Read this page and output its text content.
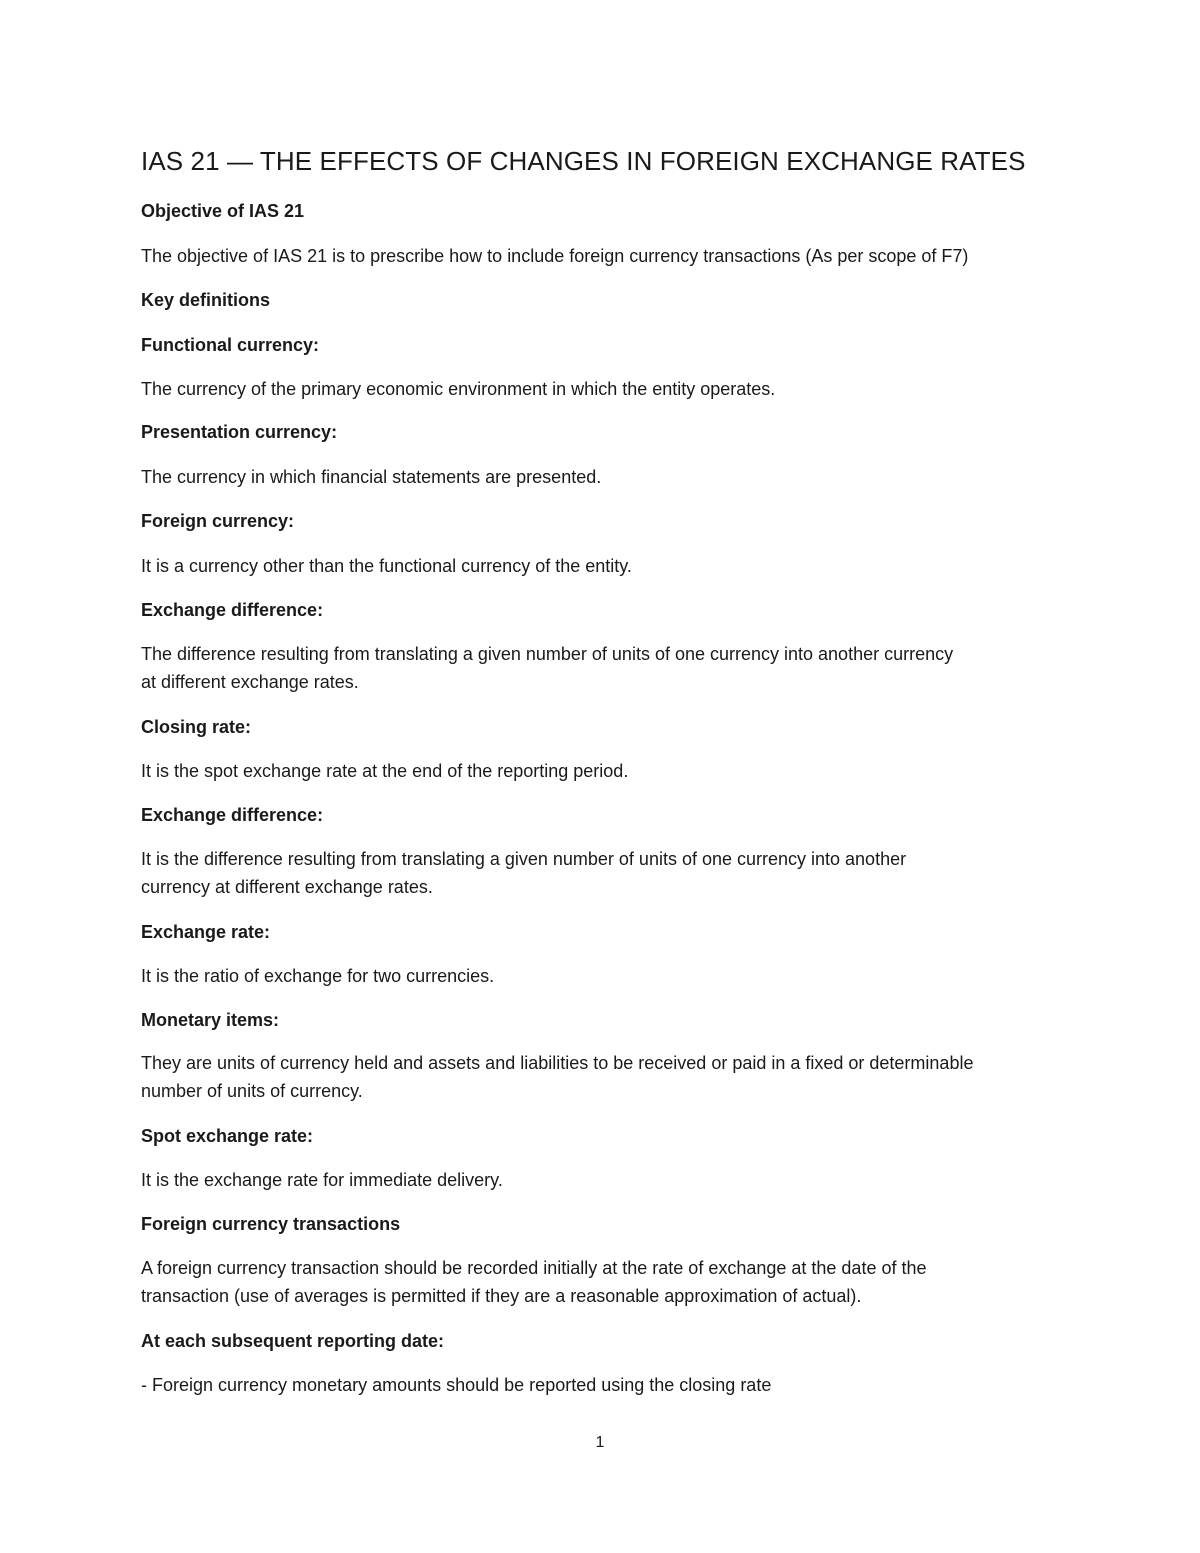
IAS 21 — THE EFFECTS OF CHANGES IN FOREIGN EXCHANGE RATES

Objective of IAS 21

The objective of IAS 21 is to prescribe how to include foreign currency transactions (As per scope of F7)

Key definitions

Functional currency:

The currency of the primary economic environment in which the entity operates.

Presentation currency:

The currency in which financial statements are presented.

Foreign currency:

It is a currency other than the functional currency of the entity.

Exchange difference:

The difference resulting from translating a given number of units of one currency into another currency

at different exchange rates.

Closing rate:

It is the spot exchange rate at the end of the reporting period.

Exchange difference:

It is the difference resulting from translating a given number of units of one currency into another

currency at different exchange rates.

Exchange rate:

It is the ratio of exchange for two currencies.

Monetary items:

They are units of currency held and assets and liabilities to be received or paid in a fixed or determinable

number of units of currency.

Spot exchange rate:

It is the exchange rate for immediate delivery.

Foreign currency transactions

A foreign currency transaction should be recorded initially at the rate of exchange at the date of the

transaction (use of averages is permitted if they are a reasonable approximation of actual).

At each subsequent reporting date:

- Foreign currency monetary amounts should be reported using the closing rate

1
